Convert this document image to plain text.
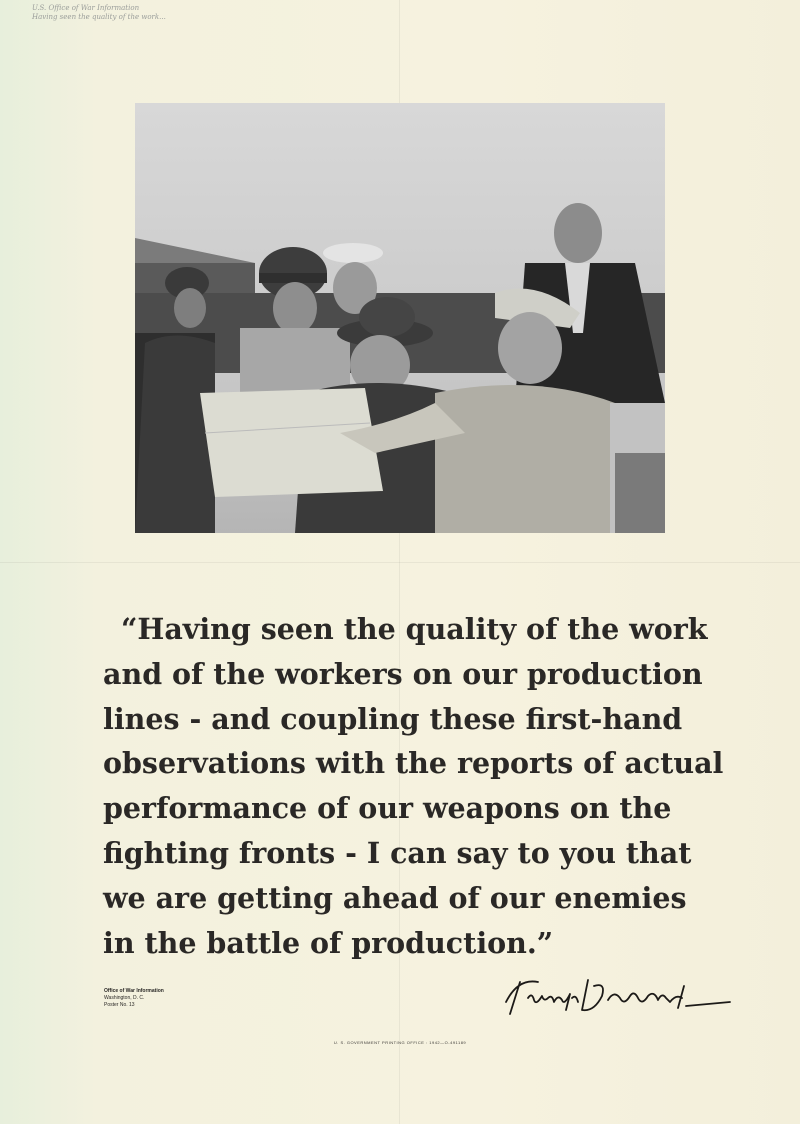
U.S. Office of War Information
Having seen the quality of the work...

“Having seen the quality of the work
and of the workers on our production
lines - and coupling these first-hand
observations with the reports of actual
performance of our weapons on the
fighting fronts - I can say to you that
we are getting ahead of our enemies
in the battle of production.”

Office of War Information
Washington, D. C.
Poster No. 13
U. S. GOVERNMENT PRINTING OFFICE : 1942—O-491189
